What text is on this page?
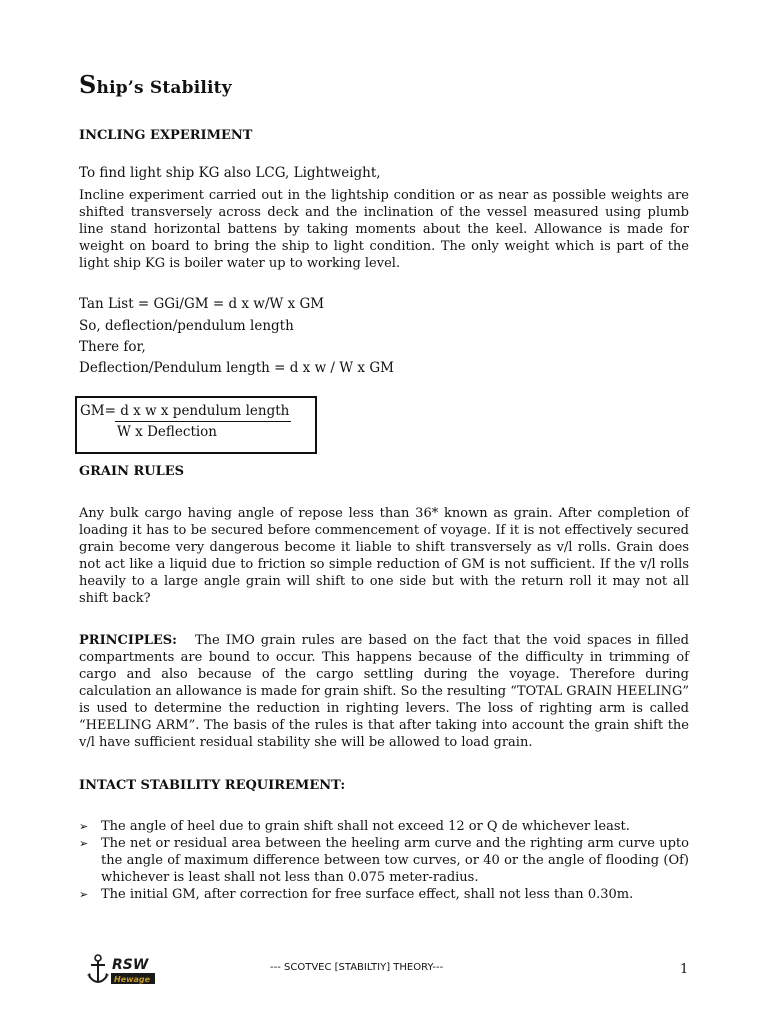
Ship’s Stability
INCLING EXPERIMENT
To find light ship KG also LCG, Lightweight,
Incline experiment carried out in the lightship condition or as near as possible weights are shifted transversely across deck and the inclination of the vessel measured using plumb line stand horizontal battens by taking moments about the keel. Allowance is made for weight on board to bring the ship to light condition. The only weight which is part of the light ship KG is boiler water up to working level.
Tan List = GGi/GM = d x w/W x GM
So, deflection/pendulum length
There for,
Deflection/Pendulum length = d x w / W x GM
GM= d x w x pendulum length
W x Deflection
GRAIN RULES
Any bulk cargo having angle of repose less than 36* known as grain. After completion of loading it has to be secured before commencement of voyage. If it is not effectively secured grain become very dangerous become it liable to shift transversely as v/l rolls. Grain does not act like a liquid due to friction so simple reduction of GM is not sufficient. If the v/l rolls heavily to a large angle grain will shift to one side but with the return roll it may not all shift back?
PRINCIPLES: The IMO grain rules are based on the fact that the void spaces in filled compartments are bound to occur. This happens because of the difficulty in trimming of cargo and also because of the cargo settling during the voyage. Therefore during calculation an allowance is made for grain shift. So the resulting “TOTAL GRAIN HEELING” is used to determine the reduction in righting levers. The loss of righting arm is called “HEELING ARM”. The basis of the rules is that after taking into account the grain shift the v/l have sufficient residual stability she will be allowed to load grain.
INTACT STABILITY REQUIREMENT:
➢ The angle of heel due to grain shift shall not exceed 12 or Q de whichever least.
➢ The net or residual area between the heeling arm curve and the righting arm curve upto the angle of maximum difference between tow curves, or 40 or the angle of flooding (Of) whichever is least shall not less than 0.075 meter-radius.
➢ The initial GM, after correction for free surface effect, shall not less than 0.30m.
RSW
Hewage
--- SCOTVEC [STABILTIY] THEORY---	1
